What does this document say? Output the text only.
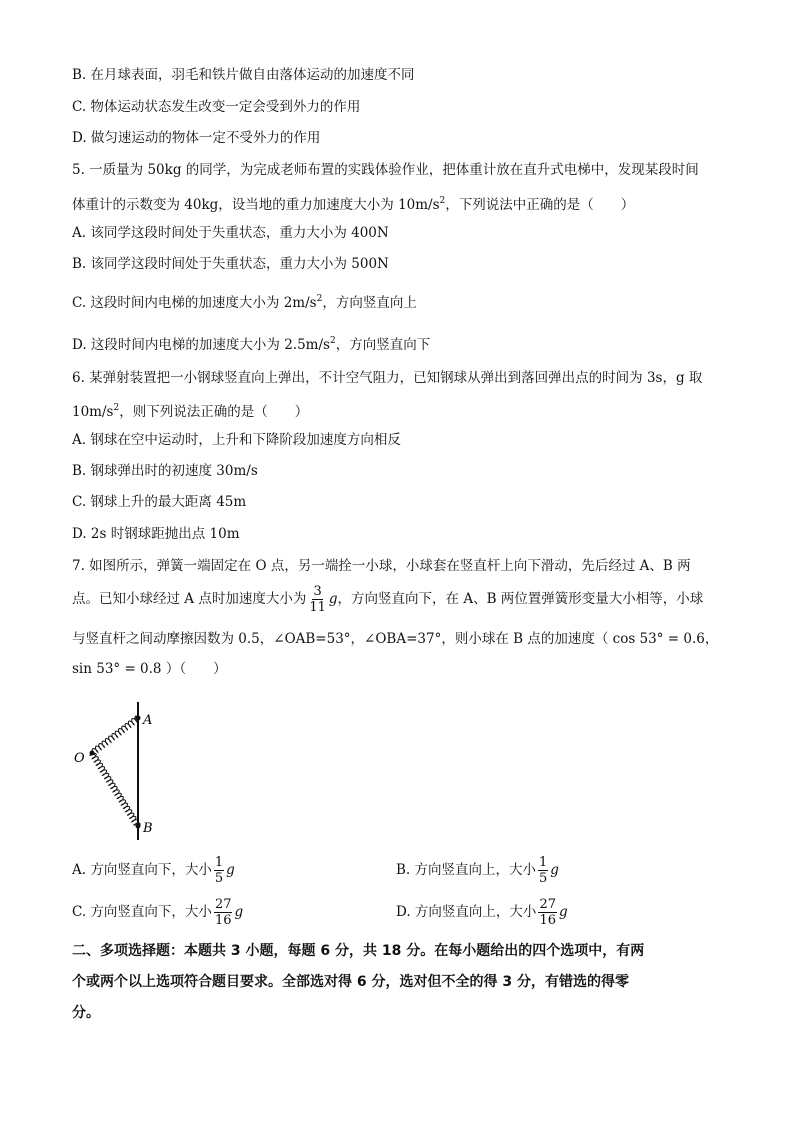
B. 在月球表面，羽毛和铁片做自由落体运动的加速度不同
C. 物体运动状态发生改变一定会受到外力的作用
D. 做匀速运动的物体一定不受外力的作用
5. 一质量为 50kg 的同学，为完成老师布置的实践体验作业，把体重计放在直升式电梯中，发现某段时间
体重计的示数变为 40kg，设当地的重力加速度大小为 $10m/s^2$，下列说法中正确的是（　　）
A. 该同学这段时间处于失重状态，重力大小为 400N
B. 该同学这段时间处于失重状态，重力大小为 500N
C. 这段时间内电梯的加速度大小为 $2m/s^2$，方向竖直向上
D. 这段时间内电梯的加速度大小为 $2.5m/s^2$，方向竖直向下
6. 某弹射装置把一小钢球竖直向上弹出，不计空气阻力，已知钢球从弹出到落回弹出点的时间为 3s，g 取
$10m/s^2$，则下列说法正确的是（　　）
A. 钢球在空中运动时，上升和下降阶段加速度方向相反
B. 钢球弹出时的初速度 30m/s
C. 钢球上升的最大距离 45m
D. 2s 时钢球距抛出点 10m
7. 如图所示，弹簧一端固定在 O 点，另一端拴一小球，小球套在竖直杆上向下滑动，先后经过 A、B 两
点。已知小球经过 A 点时加速度大小为 $\frac{3}{11}$ g，方向竖直向下，在 A、B 两位置弹簧形变量大小相等，小球
与竖直杆之间动摩擦因数为 0.5，∠OAB=53°，∠OBA=37°，则小球在 B 点的加速度（ cos 53° = 0.6，
sin 53° = 0.8 ）（　　）
A
B
O
A. 方向竖直向下，大小 $\frac{1}{5}$ g	B. 方向竖直向上，大小 $\frac{1}{5}$ g
C. 方向竖直向下，大小 $\frac{27}{16}$ g	D. 方向竖直向上，大小 $\frac{27}{16}$ g
二、多项选择题：本题共 3 小题，每题 6 分，共 18 分。在每小题给出的四个选项中，有两
个或两个以上选项符合题目要求。全部选对得 6 分，选对但不全的得 3 分，有错选的得零
分。
